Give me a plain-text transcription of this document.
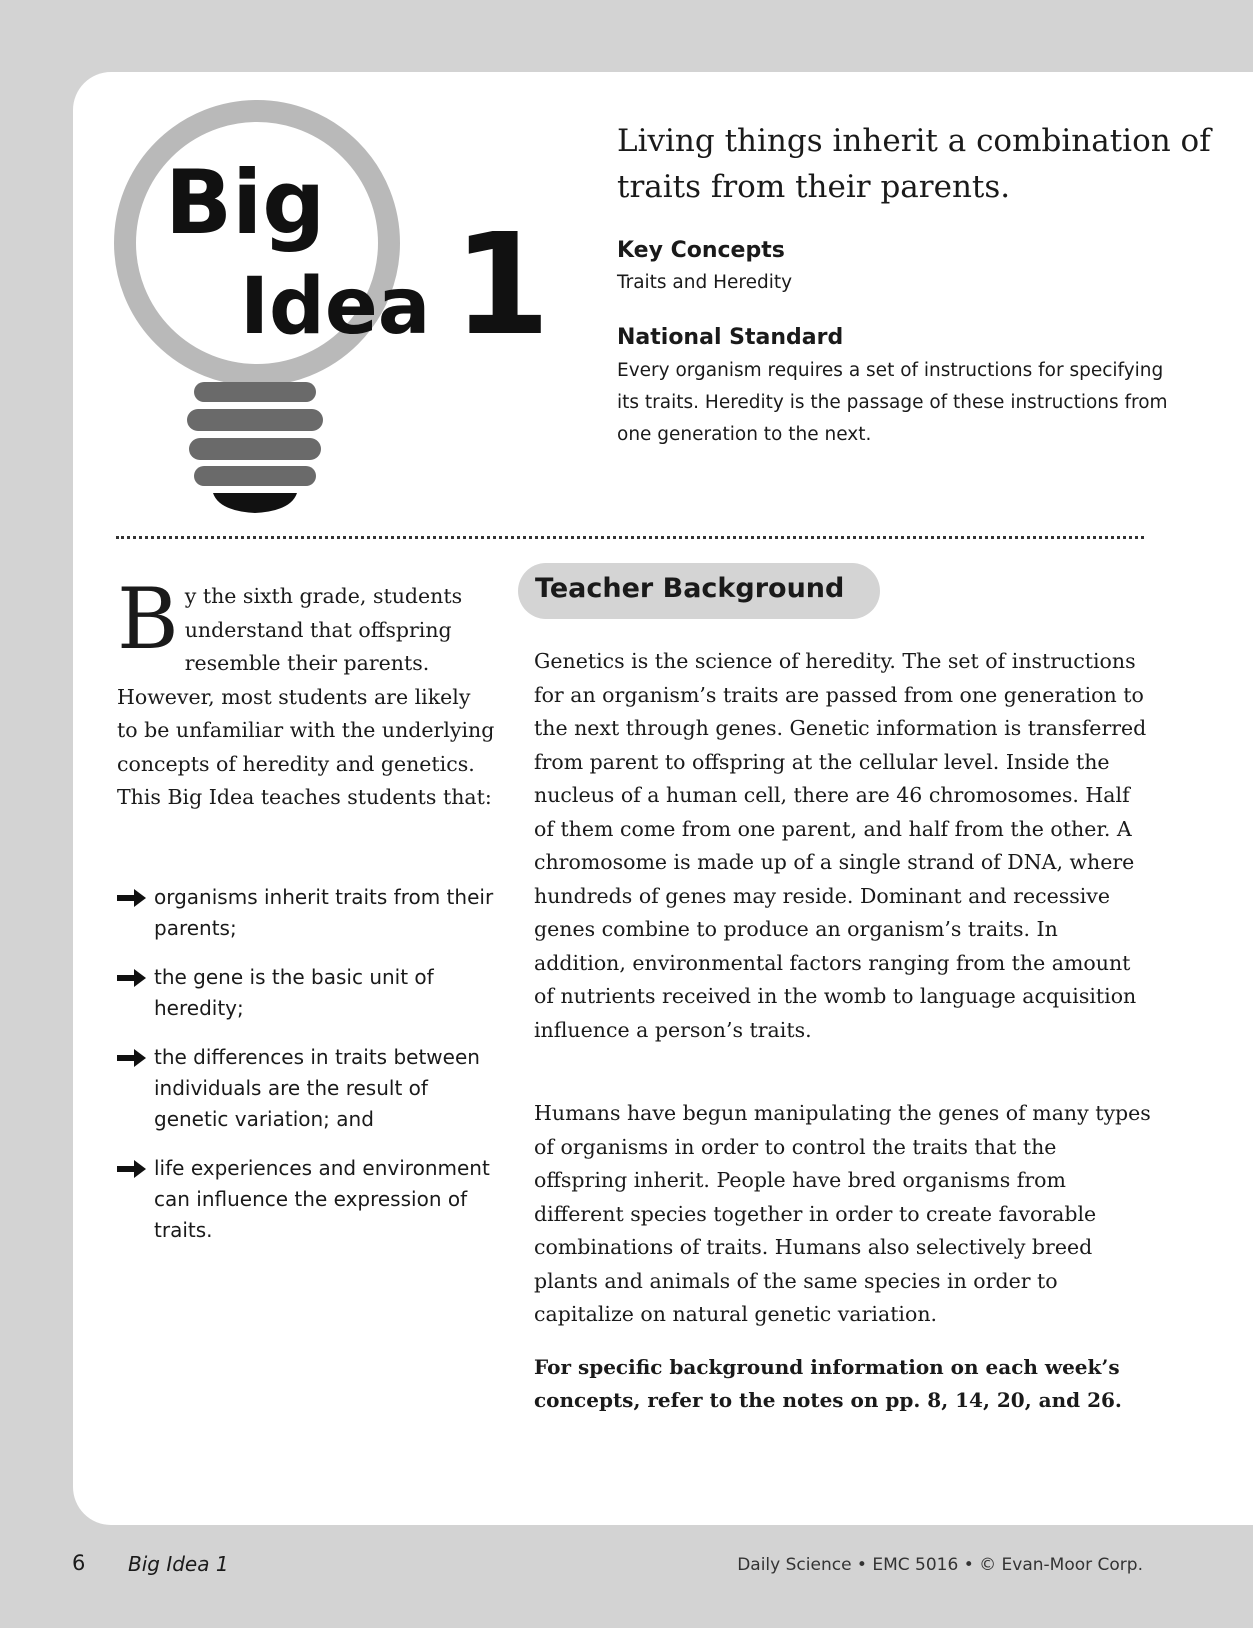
Big
Idea 1
Living things inherit a combination of traits from their parents.
Key Concepts
Traits and Heredity
National Standard
Every organism requires a set of instructions for specifying its traits. Heredity is the passage of these instructions from one generation to the next.
By the sixth grade, students understand that offspring resemble their parents. However, most students are likely to be unfamiliar with the underlying concepts of heredity and genetics. This Big Idea teaches students that:
organisms inherit traits from their parents;
the gene is the basic unit of heredity;
the differences in traits between individuals are the result of genetic variation; and
life experiences and environment can influence the expression of traits.
Teacher Background
Genetics is the science of heredity. The set of instructions for an organism’s traits are passed from one generation to the next through genes. Genetic information is transferred from parent to offspring at the cellular level. Inside the nucleus of a human cell, there are 46 chromosomes. Half of them come from one parent, and half from the other. A chromosome is made up of a single strand of DNA, where hundreds of genes may reside. Dominant and recessive genes combine to produce an organism’s traits. In addition, environmental factors ranging from the amount of nutrients received in the womb to language acquisition influence a person’s traits.
Humans have begun manipulating the genes of many types of organisms in order to control the traits that the offspring inherit. People have bred organisms from different species together in order to create favorable combinations of traits. Humans also selectively breed plants and animals of the same species in order to capitalize on natural genetic variation.
For specific background information on each week’s concepts, refer to the notes on pp. 8, 14, 20, and 26.
6 Big Idea 1	Daily Science • EMC 5016 • © Evan-Moor Corp.
